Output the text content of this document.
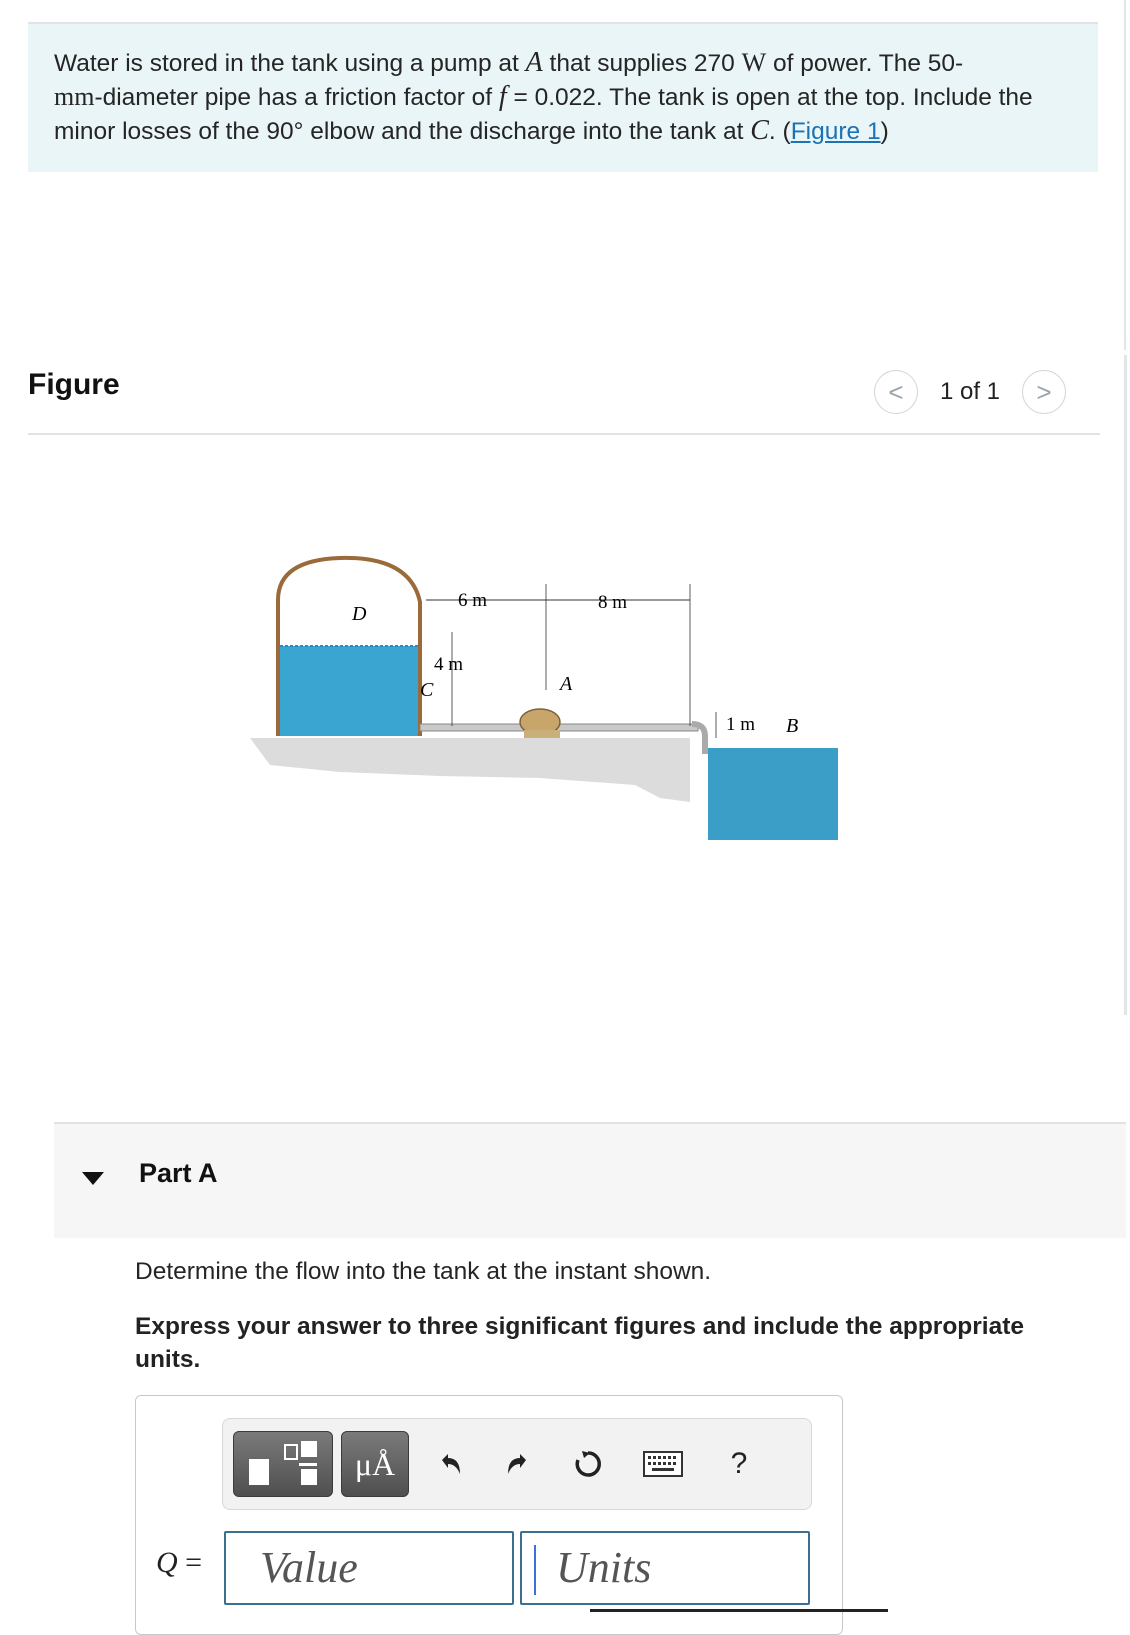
Water is stored in the tank using a pump at A that supplies 270 W of power. The 50-
mm-diameter pipe has a friction factor of f = 0.022. The tank is open at the top. Include the minor losses of the 90° elbow and the discharge into the tank at C. (Figure 1)
Figure	< 1 of 1 >
D
C	A
B
6 m	8 m
4 m
1 m
Part A
Determine the flow into the tank at the instant shown.
Express your answer to three significant figures and include the appropriate units.
μÅ	?
Q =	Value	Units
